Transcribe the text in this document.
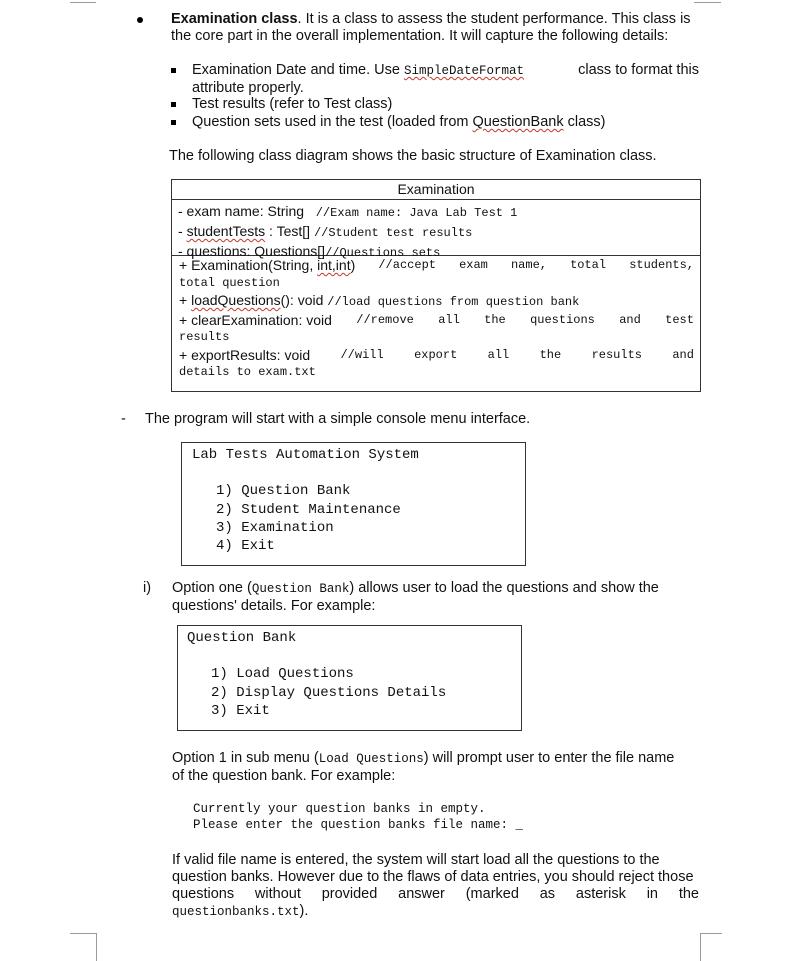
Examination class. It is a class to assess the student performance. This class is
the core part in the overall implementation. It will capture the following details:
Examination Date and time. Use SimpleDateFormat	class to format this
attribute properly.
Test results (refer to Test class)
Question sets used in the test (loaded from QuestionBank class)
The following class diagram shows the basic structure of Examination class.
Examination
- exam name: String //Exam name: Java Lab Test 1
- studentTests : Test[] //Student test results
- questions: Questions[]//Questions sets
+ Examination(String, int,int) //accept exam name, total students,
total question
+ loadQuestions(): void //load questions from question bank
+ clearExamination: void //remove all the questions and test
results
+ exportResults: void	//will	export	all	the	results	and
details to exam.txt
- The program will start with a simple console menu interface.
Lab Tests Automation System
1) Question Bank
2) Student Maintenance
3) Examination
4) Exit
i) Option one (Question Bank) allows user to load the questions and show the
questions' details. For example:
Question Bank
1) Load Questions
2) Display Questions Details
3) Exit
Option 1 in sub menu (Load Questions) will prompt user to enter the file name
of the question bank. For example:
Currently your question banks in empty.
Please enter the question banks file name: _
If valid file name is entered, the system will start load all the questions to the
question banks. However due to the flaws of data entries, you should reject those
questions without provided answer (marked as asterisk in the
questionbanks.txt).
